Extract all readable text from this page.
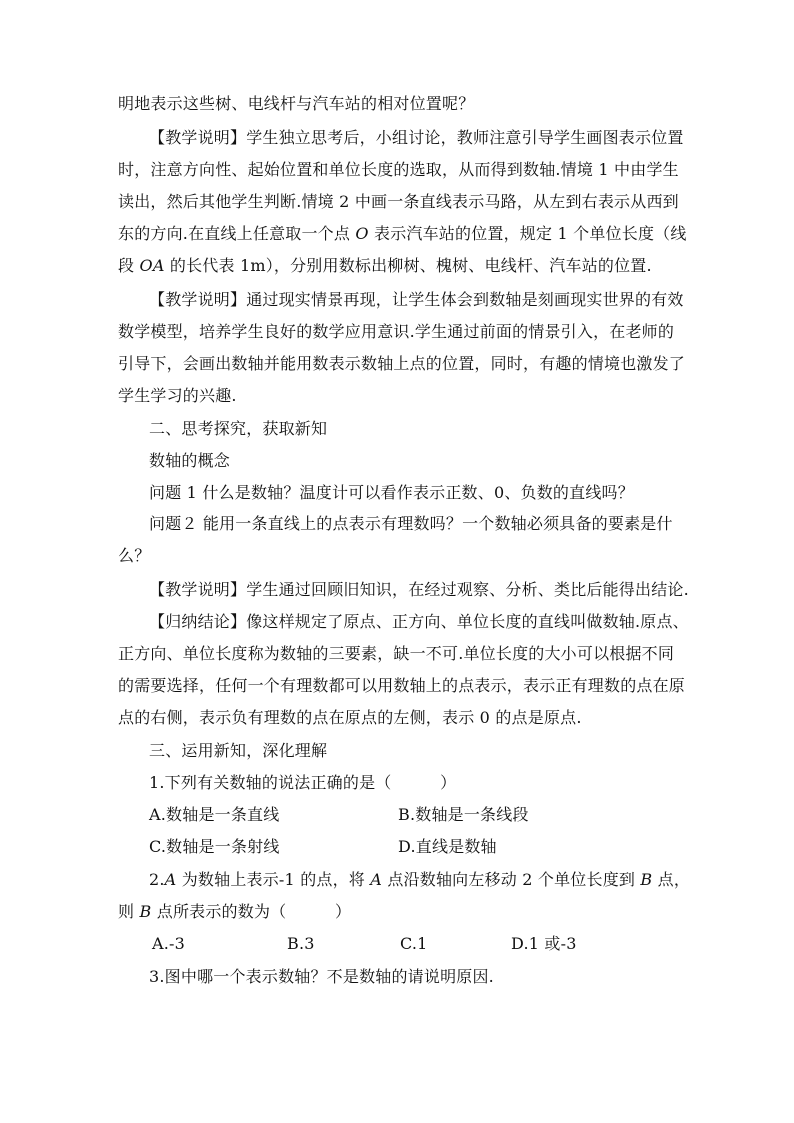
明地表示这些树、电线杆与汽车站的相对位置呢？

【教学说明】学生独立思考后，小组讨论，教师注意引导学生画图表示位置

时，注意方向性、起始位置和单位长度的选取，从而得到数轴.情境 1 中由学生

读出，然后其他学生判断.情境 2 中画一条直线表示马路，从左到右表示从西到

东的方向.在直线上任意取一个点 O 表示汽车站的位置，规定 1 个单位长度（线

段 OA 的长代表 1m），分别用数标出柳树、槐树、电线杆、汽车站的位置.

【教学说明】通过现实情景再现，让学生体会到数轴是刻画现实世界的有效

数学模型，培养学生良好的数学应用意识.学生通过前面的情景引入，在老师的

引导下，会画出数轴并能用数表示数轴上点的位置，同时，有趣的情境也激发了

学生学习的兴趣.

二、思考探究，获取新知

数轴的概念

问题 1 什么是数轴？温度计可以看作表示正数、0、负数的直线吗？

问题２ 能用一条直线上的点表示有理数吗？一个数轴必须具备的要素是什

么？

【教学说明】学生通过回顾旧知识，在经过观察、分析、类比后能得出结论.

【归纳结论】像这样规定了原点、正方向、单位长度的直线叫做数轴.原点、

正方向、单位长度称为数轴的三要素，缺一不可.单位长度的大小可以根据不同

的需要选择，任何一个有理数都可以用数轴上的点表示，表示正有理数的点在原

点的右侧，表示负有理数的点在原点的左侧，表示 0 的点是原点.

三、运用新知，深化理解

1.下列有关数轴的说法正确的是（　　　）

A.数轴是一条直线	B.数轴是一条线段

C.数轴是一条射线	D.直线是数轴

2.A 为数轴上表示-1 的点，将 A 点沿数轴向左移动 2 个单位长度到 B 点，

则 B 点所表示的数为（　　　）

A.-3	B.3	C.1	D.1 或-3

3.图中哪一个表示数轴？不是数轴的请说明原因.
